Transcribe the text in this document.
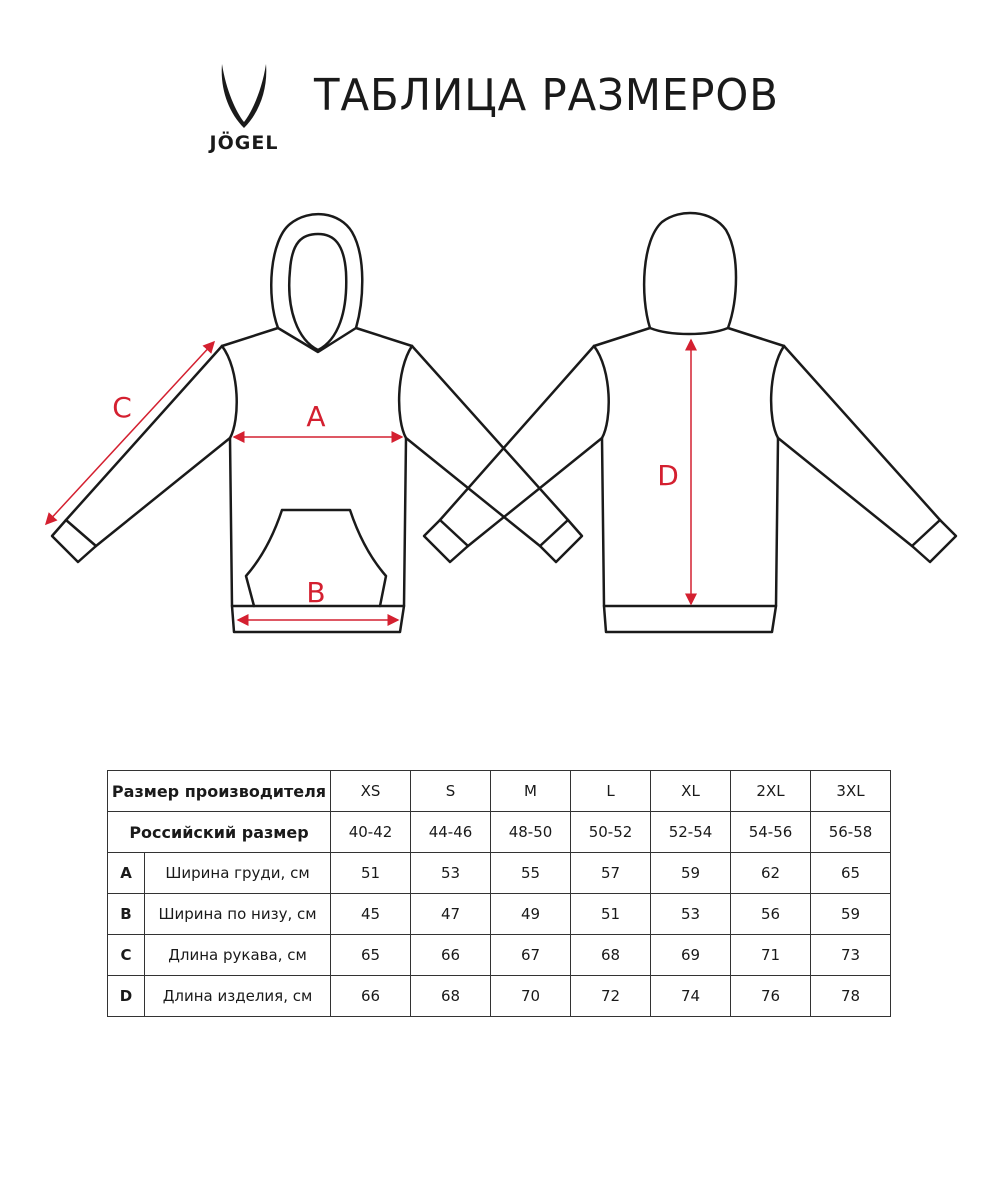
JÖGEL
ТАБЛИЦА РАЗМЕРОВ
A
B
C
D
Размер производителя		XS	S	M	L	XL	2XL	3XL
Российский размер		40-42	44-46	48-50	50-52	52-54	54-56	56-58
A	Ширина груди, см	51	53	55	57	59	62	65
B	Ширина по низу, см	45	47	49	51	53	56	59
C	Длина рукава, см	65	66	67	68	69	71	73
D	Длина изделия, см	66	68	70	72	74	76	78
